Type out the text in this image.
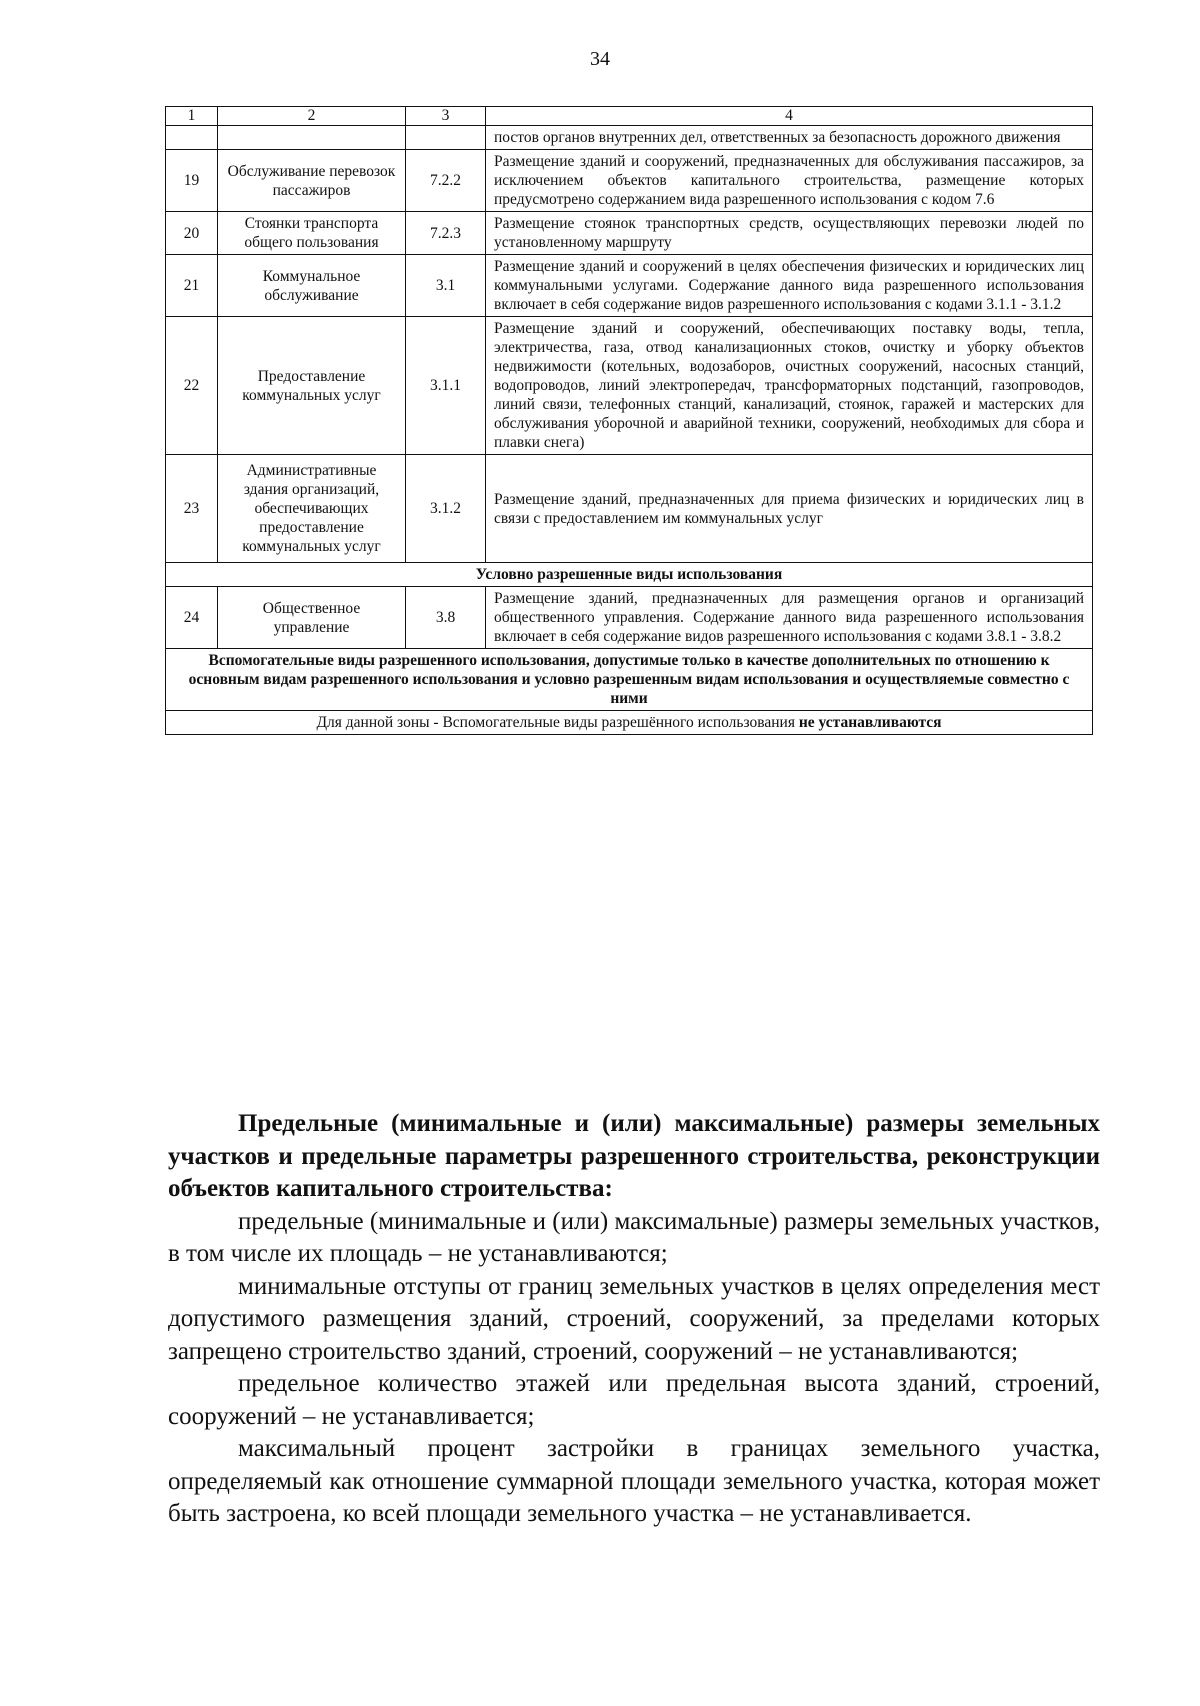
34
1	2	3	4
			постов органов внутренних дел, ответственных за безопасность дорожного движения
19	Обслуживание перевозок пассажиров	7.2.2	Размещение зданий и сооружений, предназначенных для обслуживания пассажиров, за исключением объектов капитального строительства, размещение которых предусмотрено содержанием вида разрешенного использования с кодом 7.6
20	Стоянки транспорта общего пользования	7.2.3	Размещение стоянок транспортных средств, осуществляющих перевозки людей по установленному маршруту
21	Коммунальное обслуживание	3.1	Размещение зданий и сооружений в целях обеспечения физических и юридических лиц коммунальными услугами. Содержание данного вида разрешенного использования включает в себя содержание видов разрешенного использования с кодами 3.1.1 - 3.1.2
22	Предоставление коммунальных услуг	3.1.1	Размещение зданий и сооружений, обеспечивающих поставку воды, тепла, электричества, газа, отвод канализационных стоков, очистку и уборку объектов недвижимости (котельных, водозаборов, очистных сооружений, насосных станций, водопроводов, линий электропередач, трансформаторных подстанций, газопроводов, линий связи, телефонных станций, канализаций, стоянок, гаражей и мастерских для обслуживания уборочной и аварийной техники, сооружений, необходимых для сбора и плавки снега)
23	Административные здания организаций, обеспечивающих предоставление коммунальных услуг	3.1.2	Размещение зданий, предназначенных для приема физических и юридических лиц в связи с предоставлением им коммунальных услуг
Условно разрешенные виды использования			
24	Общественное управление	3.8	Размещение зданий, предназначенных для размещения органов и организаций общественного управления. Содержание данного вида разрешенного использования включает в себя содержание видов разрешенного использования с кодами 3.8.1 - 3.8.2
Вспомогательные виды разрешенного использования, допустимые только в качестве дополнительных по отношению к основным видам разрешенного использования и условно разрешенным видам использования и осуществляемые совместно с ними			
Для данной зоны - Вспомогательные виды разрешённого использования не устанавливаются			

Предельные (минимальные и (или) максимальные) размеры земельных участков и предельные параметры разрешенного строительства, реконструкции объектов капитального строительства:

предельные (минимальные и (или) максимальные) размеры земельных участков, в том числе их площадь – не устанавливаются;

минимальные отступы от границ земельных участков в целях определения мест допустимого размещения зданий, строений, сооружений, за пределами которых запрещено строительство зданий, строений, сооружений – не устанавливаются;

предельное количество этажей или предельная высота зданий, строений, сооружений – не устанавливается;

максимальный процент застройки в границах земельного участка, определяемый как отношение суммарной площади земельного участка, которая может быть застроена, ко всей площади земельного участка – не устанавливается.
